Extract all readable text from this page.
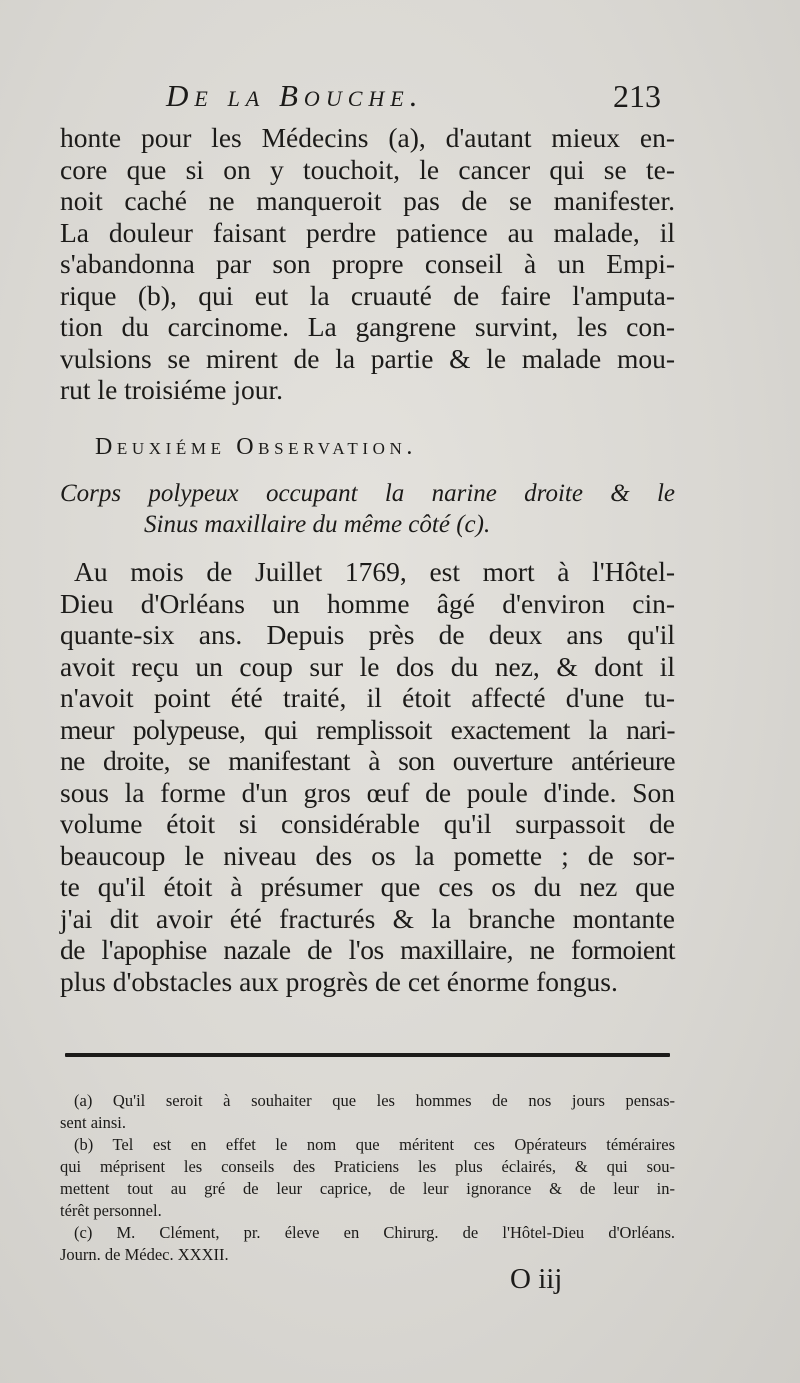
De la Bouche.	213
honte pour les Médecins (a), d'autant mieux en-
core que si on y touchoit, le cancer qui se te-
noit caché ne manqueroit pas de se manifester.
La douleur faisant perdre patience au malade, il
s'abandonna par son propre conseil à un Empi-
rique (b), qui eut la cruauté de faire l'amputa-
tion du carcinome. La gangrene survint, les con-
vulsions se mirent de la partie & le malade mou-
rut le troisiéme jour.
Deuxiéme Observation.
Corps polypeux occupant la narine droite & le
Sinus maxillaire du même côté (c).
Au mois de Juillet 1769, est mort à l'Hôtel-
Dieu d'Orléans un homme âgé d'environ cin-
quante-six ans. Depuis près de deux ans qu'il
avoit reçu un coup sur le dos du nez, & dont il
n'avoit point été traité, il étoit affecté d'une tu-
meur polypeuse, qui remplissoit exactement la nari-
ne droite, se manifestant à son ouverture antérieure
sous la forme d'un gros œuf de poule d'inde. Son
volume étoit si considérable qu'il surpassoit de
beaucoup le niveau des os la pomette ; de sor-
te qu'il étoit à présumer que ces os du nez que
j'ai dit avoir été fracturés & la branche montante
de l'apophise nazale de l'os maxillaire, ne formoient
plus d'obstacles aux progrès de cet énorme fongus.
(a) Qu'il seroit à souhaiter que les hommes de nos jours pensas-
sent ainsi.
(b) Tel est en effet le nom que méritent ces Opérateurs téméraires
qui méprisent les conseils des Praticiens les plus éclairés, & qui sou-
mettent tout au gré de leur caprice, de leur ignorance & de leur in-
térêt personnel.
(c) M. Clément, pr. éleve en Chirurg. de l'Hôtel-Dieu d'Orléans.
Journ. de Médec. XXXII.
O iij
